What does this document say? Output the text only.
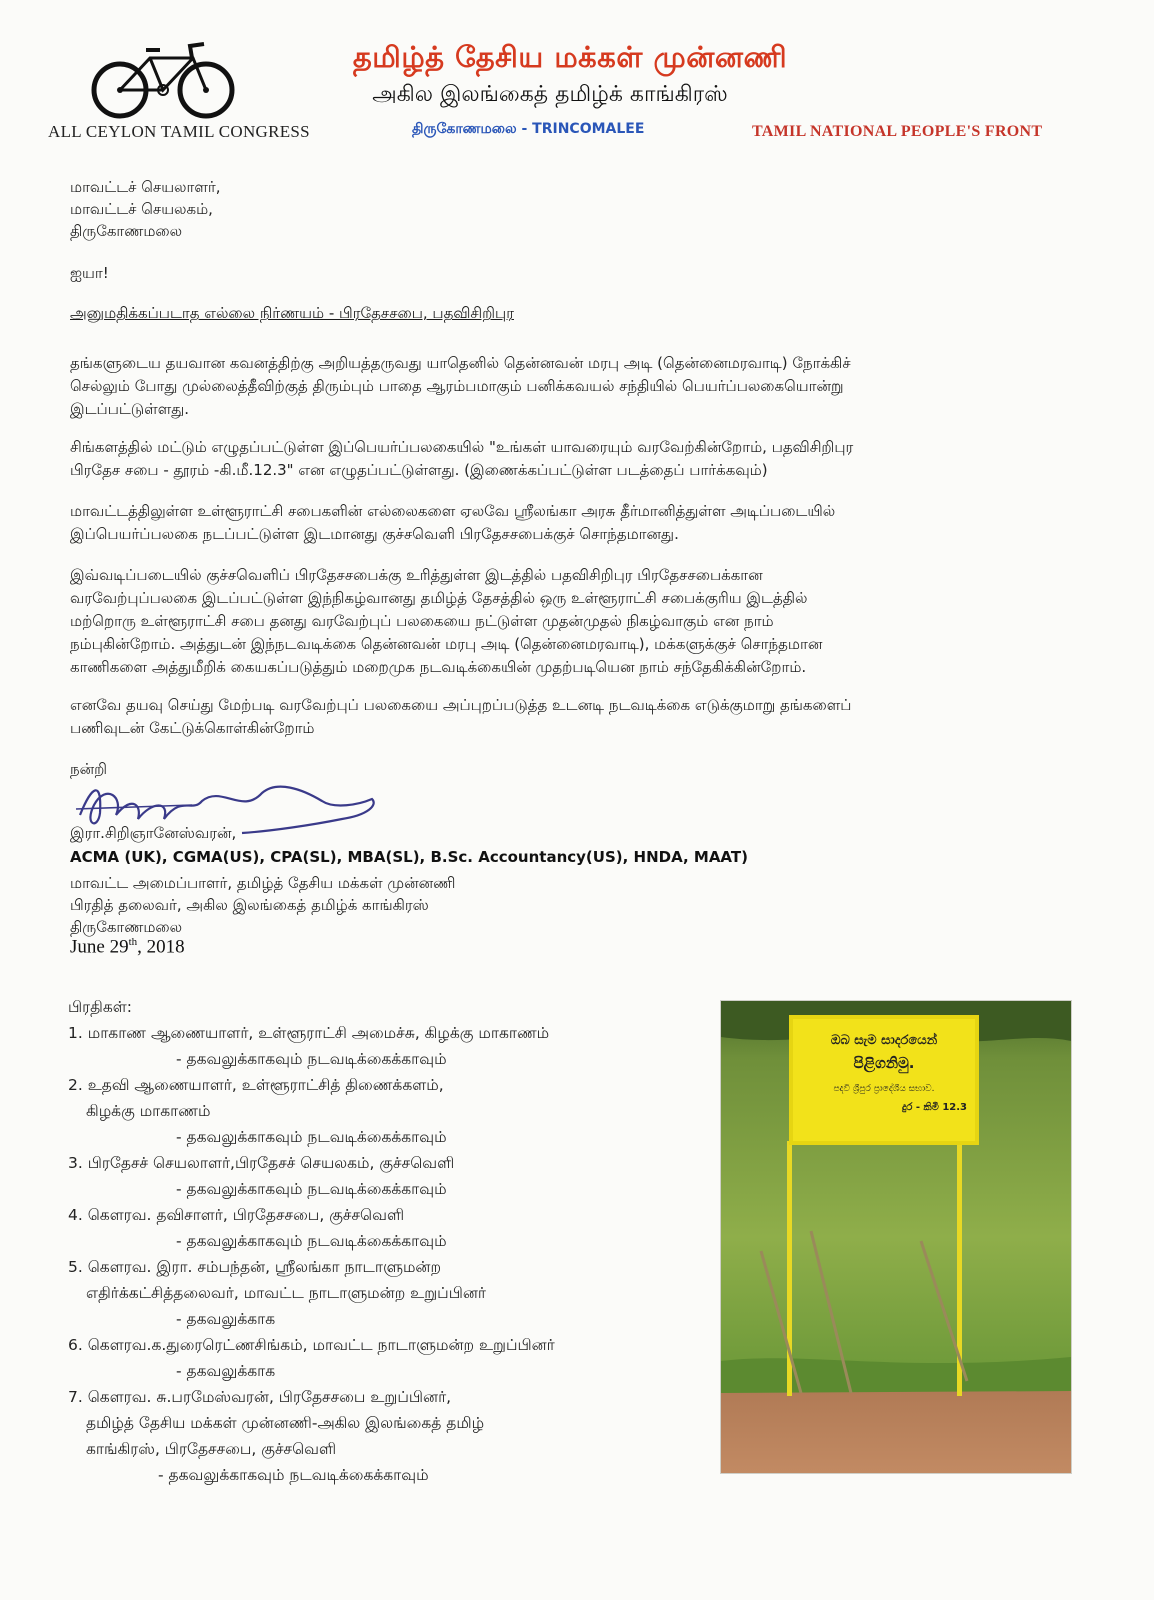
தமிழ்த் தேசிய மக்கள் முன்னணி
அகில இலங்கைத் தமிழ்க் காங்கிரஸ்
ALL CEYLON TAMIL CONGRESS	திருகோணமலை - TRINCOMALEE	TAMIL NATIONAL PEOPLE'S FRONT
மாவட்டச் செயலாளர்,
மாவட்டச் செயலகம்,
திருகோணமலை
ஐயா!
அனுமதிக்கப்படாத எல்லை நிர்ணயம் - பிரதேசசபை, பதவிசிறிபுர
தங்களுடைய தயவான கவனத்திற்கு அறியத்தருவது யாதெனில் தென்னவன் மரபு அடி (தென்னைமரவாடி) நோக்கிச்
செல்லும் போது முல்லைத்தீவிற்குத் திரும்பும் பாதை ஆரம்பமாகும் பனிக்கவயல் சந்தியில் பெயர்ப்பலகையொன்று
இடப்பட்டுள்ளது.
சிங்களத்தில் மட்டும் எழுதப்பட்டுள்ள இப்பெயர்ப்பலகையில் "உங்கள் யாவரையும் வரவேற்கின்றோம், பதவிசிறிபுர
பிரதேச சபை - தூரம் -கி.மீ.12.3" என எழுதப்பட்டுள்ளது. (இணைக்கப்பட்டுள்ள படத்தைப் பார்க்கவும்)
மாவட்டத்திலுள்ள உள்ளூராட்சி சபைகளின் எல்லைகளை ஏலவே ஸ்ரீலங்கா அரசு தீர்மானித்துள்ள அடிப்படையில்
இப்பெயர்ப்பலகை நடப்பட்டுள்ள இடமானது குச்சவெளி பிரதேசசபைக்குச் சொந்தமானது.
இவ்வடிப்படையில் குச்சவெளிப் பிரதேசசபைக்கு உரித்துள்ள இடத்தில் பதவிசிறிபுர பிரதேசசபைக்கான
வரவேற்புப்பலகை இடப்பட்டுள்ள இந்நிகழ்வானது தமிழ்த் தேசத்தில் ஒரு உள்ளூராட்சி சபைக்குரிய இடத்தில்
மற்றொரு உள்ளூராட்சி சபை தனது வரவேற்புப் பலகையை நட்டுள்ள முதன்முதல் நிகழ்வாகும் என நாம்
நம்புகின்றோம். அத்துடன் இந்நடவடிக்கை தென்னவன் மரபு அடி (தென்னைமரவாடி), மக்களுக்குச் சொந்தமான
காணிகளை அத்துமீறிக் கையகப்படுத்தும் மறைமுக நடவடிக்கையின் முதற்படியென நாம் சந்தேகிக்கின்றோம்.
எனவே தயவு செய்து மேற்படி வரவேற்புப் பலகையை அப்புறப்படுத்த உடனடி நடவடிக்கை எடுக்குமாறு தங்களைப்
பணிவுடன் கேட்டுக்கொள்கின்றோம்
நன்றி
இரா.சிறிஞானேஸ்வரன்,
ACMA (UK), CGMA(US), CPA(SL), MBA(SL), B.Sc. Accountancy(US), HNDA, MAAT)
மாவட்ட அமைப்பாளர், தமிழ்த் தேசிய மக்கள் முன்னணி
பிரதித் தலைவர், அகில இலங்கைத் தமிழ்க் காங்கிரஸ்
திருகோணமலை
June 29th, 2018
பிரதிகள்:
1. மாகாண ஆணையாளர், உள்ளூராட்சி அமைச்சு, கிழக்கு மாகாணம்
- தகவலுக்காகவும் நடவடிக்கைக்காவும்
2. உதவி ஆணையாளர், உள்ளூராட்சித் திணைக்களம்,
கிழக்கு மாகாணம்
- தகவலுக்காகவும் நடவடிக்கைக்காவும்
3. பிரதேசச் செயலாளர்,பிரதேசச் செயலகம், குச்சவெளி
- தகவலுக்காகவும் நடவடிக்கைக்காவும்
4. கௌரவ. தவிசாளர், பிரதேசசபை, குச்சவெளி
- தகவலுக்காகவும் நடவடிக்கைக்காவும்
5. கௌரவ. இரா. சம்பந்தன், ஸ்ரீலங்கா நாடாளுமன்ற
எதிர்க்கட்சித்தலைவர், மாவட்ட நாடாளுமன்ற உறுப்பினர்
- தகவலுக்காக
6. கௌரவ.க.துரைரெட்ணசிங்கம், மாவட்ட நாடாளுமன்ற உறுப்பினர்
- தகவலுக்காக
7. கௌரவ. சு.பரமேஸ்வரன், பிரதேசசபை உறுப்பினர்,
தமிழ்த் தேசிய மக்கள் முன்னணி-அகில இலங்கைத் தமிழ்
காங்கிரஸ், பிரதேசசபை, குச்சவெளி
- தகவலுக்காகவும் நடவடிக்கைக்காவும்
ඔබ සැම සාදරයෙන්
පිළිගනිමු.
පදවි ශ්‍රීපුර ප්‍රාදේශීය සභාව.
දුර - කිමී 12.3
